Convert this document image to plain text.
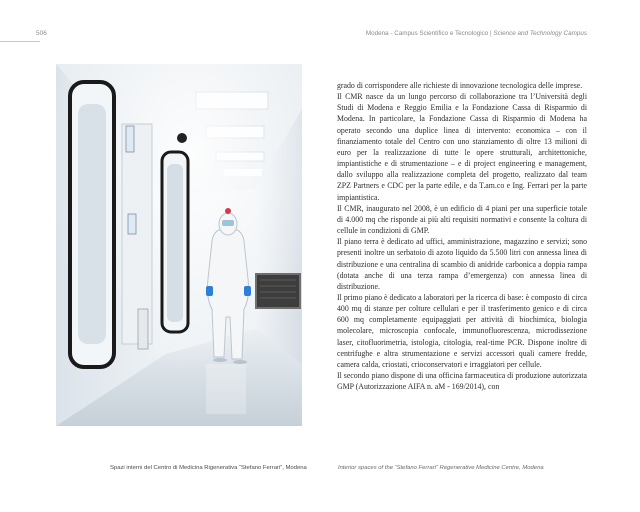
506	Modena - Campus Scientifico e Tecnologico | Science and Technology Campus

grado di corrispondere alle richieste di innovazione tecnologica delle imprese.

Il CMR nasce da un lungo percorso di collaborazione tra l’Università degli Studi di Modena e Reggio Emilia e la Fondazione Cassa di Risparmio di Modena. In particolare, la Fondazione Cassa di Risparmio di Modena ha operato secondo una duplice linea di intervento: economica – con il finanziamento totale del Centro con uno stanziamento di oltre 13 milioni di euro per la realizzazione di tutte le opere strutturali, architettoniche, impiantistiche e di strumentazione – e di project engineering e management, dallo sviluppo alla realizzazione completa del progetto, realizzato dal team ZPZ Partners e CDC per la parte edile, e da T.am.co e Ing. Ferrari per la parte impiantistica.

Il CMR, inaugurato nel 2008, è un edificio di 4 piani per una superficie totale di 4.000 mq che risponde ai più alti requisiti normativi e consente la coltura di cellule in condizioni di GMP.

Il piano terra è dedicato ad uffici, amministrazione, magazzino e servizi; sono presenti inoltre un serbatoio di azoto liquido da 5.500 litri con annessa linea di distribuzione e una centralina di scambio di anidride carbonica a doppia rampa (dotata anche di una terza rampa d’emergenza) con annessa linea di distribuzione.

Il primo piano è dedicato a laboratori per la ricerca di base: è composto di circa 400 mq di stanze per colture cellulari e per il trasferimento genico e di circa 600 mq completamente equipaggiati per attività di biochimica, biologia molecolare, microscopia confocale, immunofluorescenza, microdissezione laser, citofluorimetria, istologia, citologia, real-time PCR. Dispone inoltre di centrifughe e altra strumentazione e servizi accessori quali camere fredde, camera calda, criostati, crioconservatori e irraggiatori per cellule.

Il secondo piano dispone di una officina farmaceutica di produzione autorizzata GMP (Autorizzazione AIFA n. aM - 169/2014), con

Spazi interni del Centro di Medicina Rigenerativa “Stefano Ferrari”, Modena	Interior spaces of the “Stefano Ferrari” Regenerative Medicine Centre, Modena
